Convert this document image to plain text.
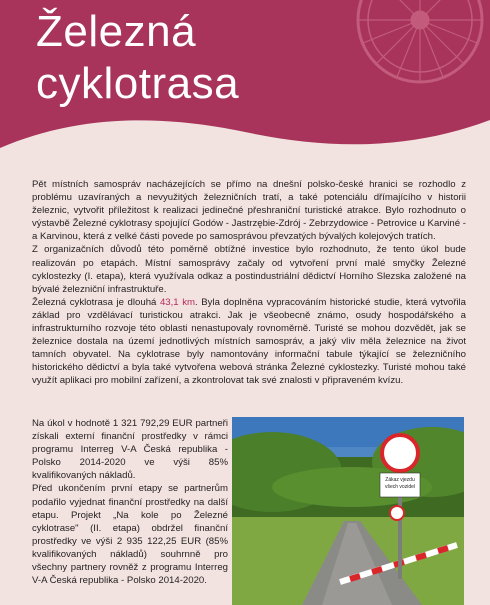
Železná
cyklotrasa

Pět místních samospráv nacházejících se přímo na dnešní polsko-české hranici se rozhodlo z problému uzavíraných a nevyužitých železničních tratí, a také potenciálu dřímajícího v historii železnic, vytvořit příležitost k realizaci jedinečné přeshraniční turistické atrakce. Bylo rozhodnuto o výstavbě Železné cyklotrasy spojující Godów - Jastrzębie-Zdrój - Zebrzydowice - Petrovice u Karviné - a Karvinou, která z velké části povede po samosprávou převzatých bývalých kolejových tratích.

Z organizačních důvodů této poměrně obtížné investice bylo rozhodnuto, že tento úkol bude realizován po etapách. Místní samosprávy začaly od vytvoření první malé smyčky Železné cyklostezky (I. etapa), která využívala odkaz a postindustriální dědictví Horního Slezska založené na bývalé železniční infrastruktuře.

Železná cyklotrasa je dlouhá 43,1 km. Byla doplněna vypracováním historické studie, která vytvořila základ pro vzdělávací turistickou atrakci. Jak je všeobecně známo, osudy hospodářského a infrastrukturního rozvoje této oblasti nenastupovaly rovnoměrně. Turisté se mohou dozvědět, jak se železnice dostala na území jednotlivých místních samospráv, a jaký vliv měla železnice na život tamních obyvatel. Na cyklotrase byly namontovány informační tabule týkající se železničního historického dědictví a byla také vytvořena webová stránka Železné cyklostezky. Turisté mohou také využít aplikaci pro mobilní zařízení, a zkontrolovat tak své znalosti v připraveném kvízu.

Na úkol v hodnotě 1 321 792,29 EUR partneři získali externí finanční prostředky v rámci programu Interreg V-A Česká republika - Polsko 2014-2020 ve výši 85% kvalifikovaných nákladů.

Před ukončením první etapy se partnerům podařilo vyjednat finanční prostředky na další etapu. Projekt „Na kole po Železné cyklotrase" (II. etapa) obdržel finanční prostředky ve výši 2 935 122,25 EUR (85% kvalifikovaných nákladů) souhrnně pro všechny partnery rovněž z programu Interreg V-A Česká republika - Polsko 2014-2020.

Zákaz vjezdu
všech vozidel
